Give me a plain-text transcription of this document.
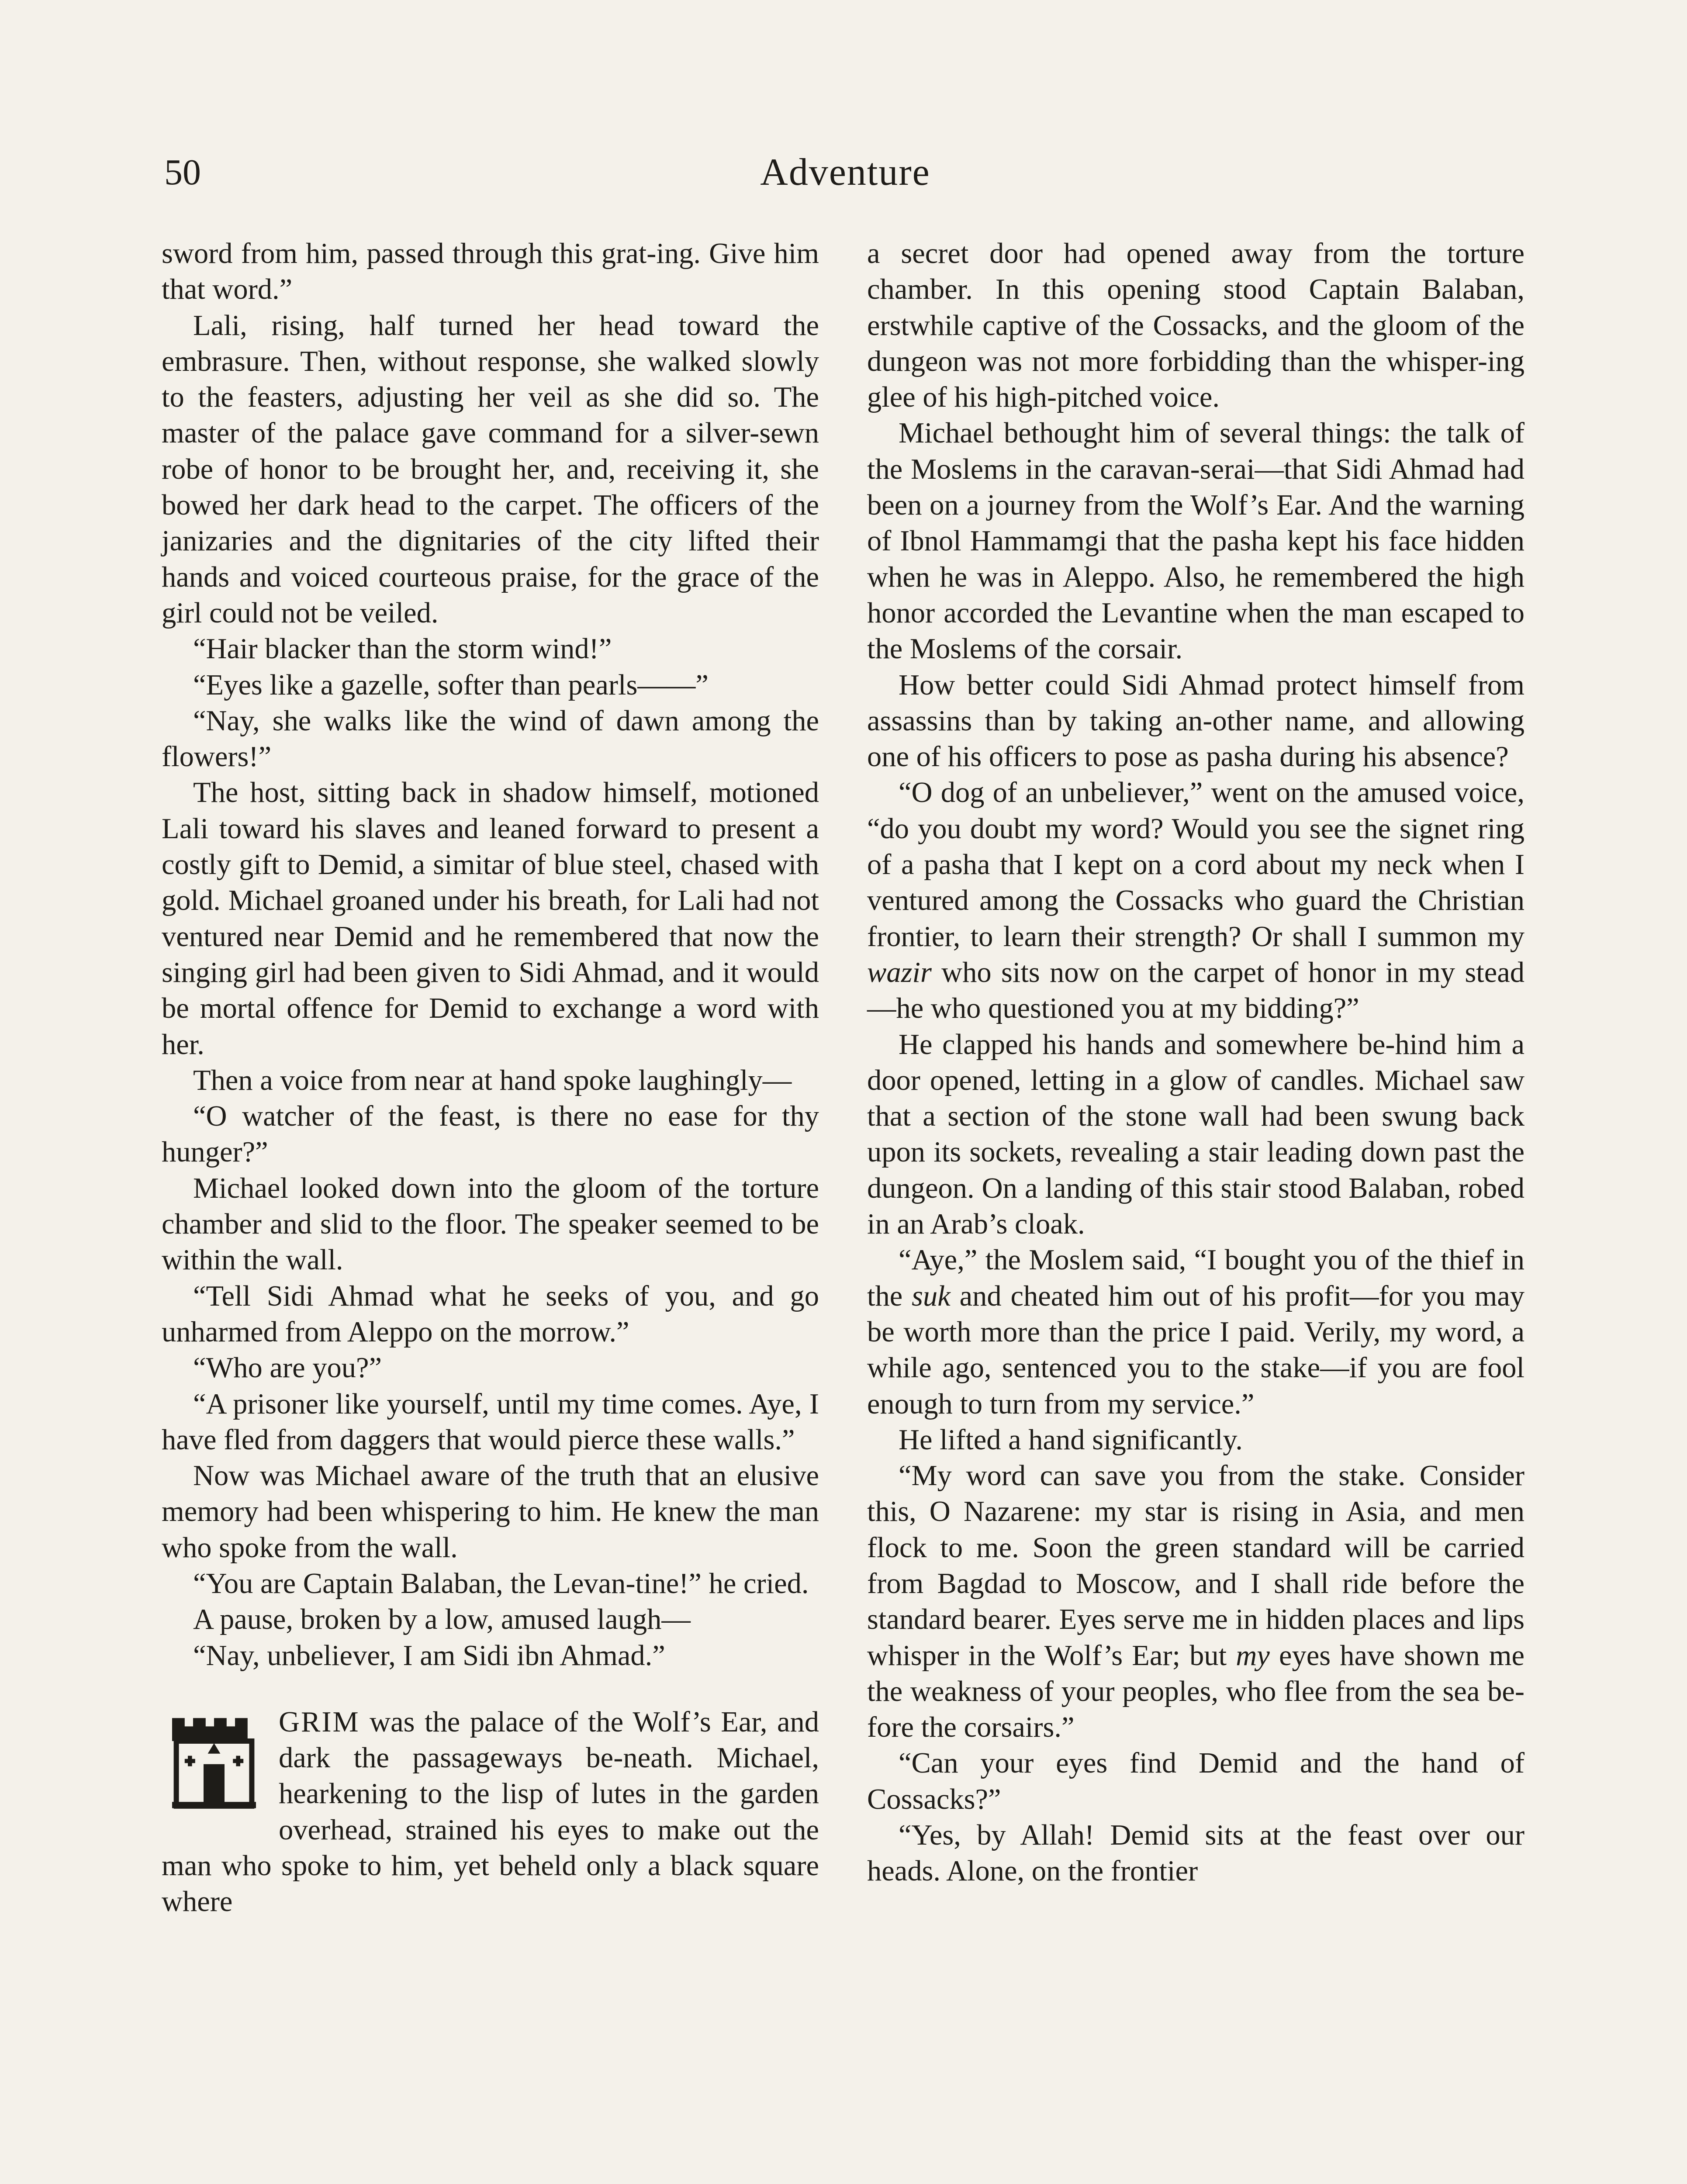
50	Adventure

sword from him, passed through this grat-ing. Give him that word.”

Lali, rising, half turned her head toward the embrasure. Then, without response, she walked slowly to the feasters, adjusting her veil as she did so. The master of the palace gave command for a silver-sewn robe of honor to be brought her, and, receiving it, she bowed her dark head to the carpet. The officers of the janizaries and the dignitaries of the city lifted their hands and voiced courteous praise, for the grace of the girl could not be veiled.

“Hair blacker than the storm wind!”

“Eyes like a gazelle, softer than pearls——”

“Nay, she walks like the wind of dawn among the flowers!”

The host, sitting back in shadow himself, motioned Lali toward his slaves and leaned forward to present a costly gift to Demid, a simitar of blue steel, chased with gold. Michael groaned under his breath, for Lali had not ventured near Demid and he remembered that now the singing girl had been given to Sidi Ahmad, and it would be mortal offence for Demid to exchange a word with her.

Then a voice from near at hand spoke laughingly—

“O watcher of the feast, is there no ease for thy hunger?”

Michael looked down into the gloom of the torture chamber and slid to the floor. The speaker seemed to be within the wall.

“Tell Sidi Ahmad what he seeks of you, and go unharmed from Aleppo on the morrow.”

“Who are you?”

“A prisoner like yourself, until my time comes. Aye, I have fled from daggers that would pierce these walls.”

Now was Michael aware of the truth that an elusive memory had been whispering to him. He knew the man who spoke from the wall.

“You are Captain Balaban, the Levan-tine!” he cried.

A pause, broken by a low, amused laugh—

“Nay, unbeliever, I am Sidi ibn Ahmad.”

GRIM was the palace of the Wolf’s Ear, and dark the passageways be-neath. Michael, hearkening to the lisp of lutes in the garden overhead, strained his eyes to make out the man who spoke to him, yet beheld only a black square where

a secret door had opened away from the torture chamber. In this opening stood Captain Balaban, erstwhile captive of the Cossacks, and the gloom of the dungeon was not more forbidding than the whisper-ing glee of his high-pitched voice.

Michael bethought him of several things: the talk of the Moslems in the caravan-serai—that Sidi Ahmad had been on a journey from the Wolf’s Ear. And the warning of Ibnol Hammamgi that the pasha kept his face hidden when he was in Aleppo. Also, he remembered the high honor accorded the Levantine when the man escaped to the Moslems of the corsair.

How better could Sidi Ahmad protect himself from assassins than by taking an-other name, and allowing one of his officers to pose as pasha during his absence?

“O dog of an unbeliever,” went on the amused voice, “do you doubt my word? Would you see the signet ring of a pasha that I kept on a cord about my neck when I ventured among the Cossacks who guard the Christian frontier, to learn their strength? Or shall I summon my wazir who sits now on the carpet of honor in my stead—he who questioned you at my bidding?”

He clapped his hands and somewhere be-hind him a door opened, letting in a glow of candles. Michael saw that a section of the stone wall had been swung back upon its sockets, revealing a stair leading down past the dungeon. On a landing of this stair stood Balaban, robed in an Arab’s cloak.

“Aye,” the Moslem said, “I bought you of the thief in the suk and cheated him out of his profit—for you may be worth more than the price I paid. Verily, my word, a while ago, sentenced you to the stake—if you are fool enough to turn from my service.”

He lifted a hand significantly.

“My word can save you from the stake. Consider this, O Nazarene: my star is rising in Asia, and men flock to me. Soon the green standard will be carried from Bagdad to Moscow, and I shall ride before the standard bearer. Eyes serve me in hidden places and lips whisper in the Wolf’s Ear; but my eyes have shown me the weakness of your peoples, who flee from the sea be-fore the corsairs.”

“Can your eyes find Demid and the hand of Cossacks?”

“Yes, by Allah! Demid sits at the feast over our heads. Alone, on the frontier
